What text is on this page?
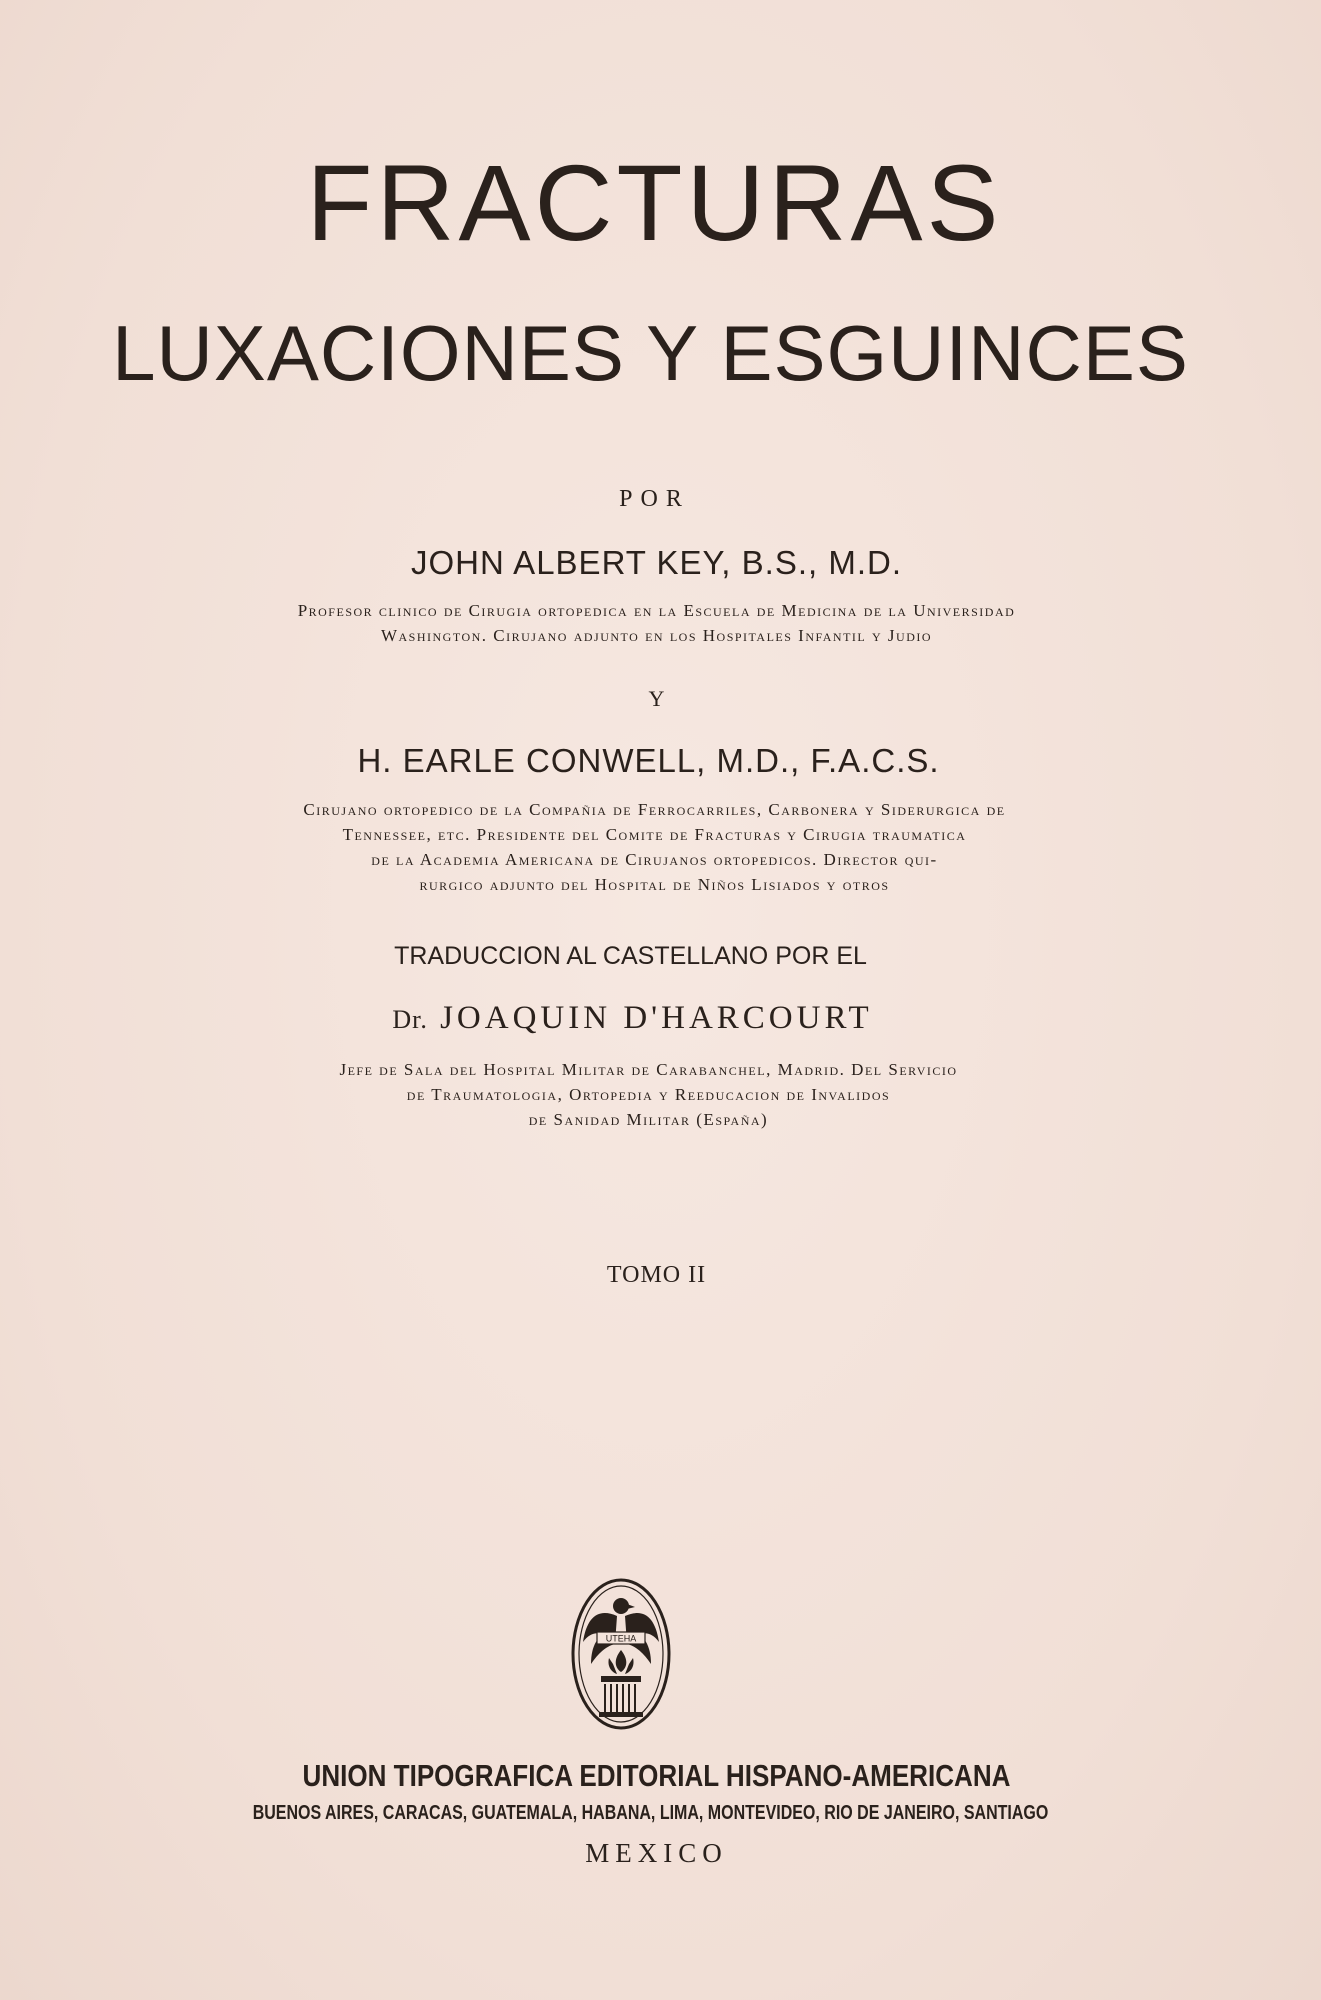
FRACTURAS
LUXACIONES Y ESGUINCES
POR
JOHN ALBERT KEY, B.S., M.D.
Profesor clinico de Cirugia ortopedica en la Escuela de Medicina de la Universidad
Washington. Cirujano adjunto en los Hospitales Infantil y Judio
Y
H. EARLE CONWELL, M.D., F.A.C.S.
Cirujano ortopedico de la Compañia de Ferrocarriles, Carbonera y Siderurgica de
Tennessee, etc. Presidente del Comite de Fracturas y Cirugia traumatica
de la Academia Americana de Cirujanos ortopedicos. Director qui-
rurgico adjunto del Hospital de Niños Lisiados y otros
TRADUCCION AL CASTELLANO POR EL
Dr. JOAQUIN D'HARCOURT
Jefe de Sala del Hospital Militar de Carabanchel, Madrid. Del Servicio
de Traumatologia, Ortopedia y Reeducacion de Invalidos
de Sanidad Militar (España)
TOMO II
UTEHA
UNION TIPOGRAFICA EDITORIAL HISPANO-AMERICANA
BUENOS AIRES, CARACAS, GUATEMALA, HABANA, LIMA, MONTEVIDEO, RIO DE JANEIRO, SANTIAGO
MEXICO
